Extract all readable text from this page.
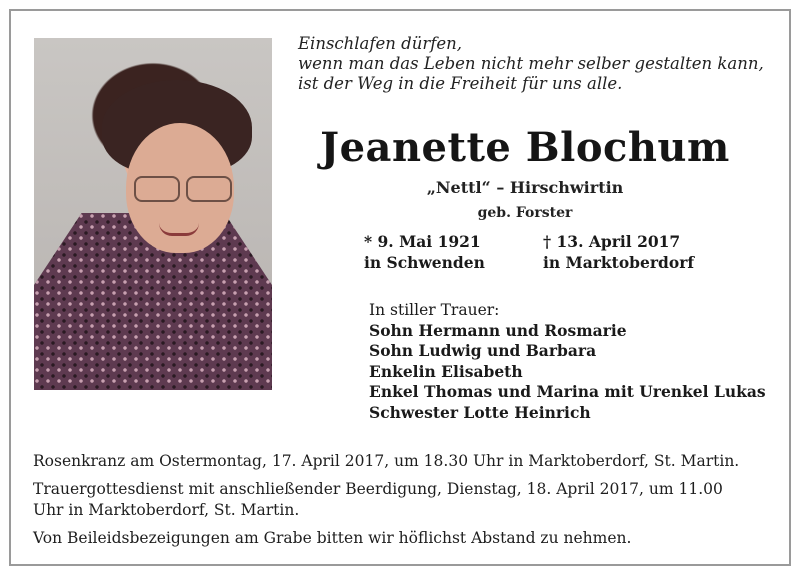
Einschlafen dürfen,
wenn man das Leben nicht mehr selber gestalten kann,
ist der Weg in die Freiheit für uns alle.
Jeanette Blochum
„Nettl“ – Hirschwirtin
geb. Forster
* 9. Mai 1921
in Schwenden
† 13. April 2017
in Marktoberdorf
In stiller Trauer:
Sohn Hermann und Rosmarie
Sohn Ludwig und Barbara
Enkelin Elisabeth
Enkel Thomas und Marina mit Urenkel Lukas
Schwester Lotte Heinrich
Rosenkranz am Ostermontag, 17. April 2017, um 18.30 Uhr in Marktoberdorf, St. Martin.
Trauergottesdienst mit anschließender Beerdigung, Dienstag, 18. April 2017, um 11.00
Uhr in Marktoberdorf, St. Martin.
Von Beileidsbezeigungen am Grabe bitten wir höflichst Abstand zu nehmen.
